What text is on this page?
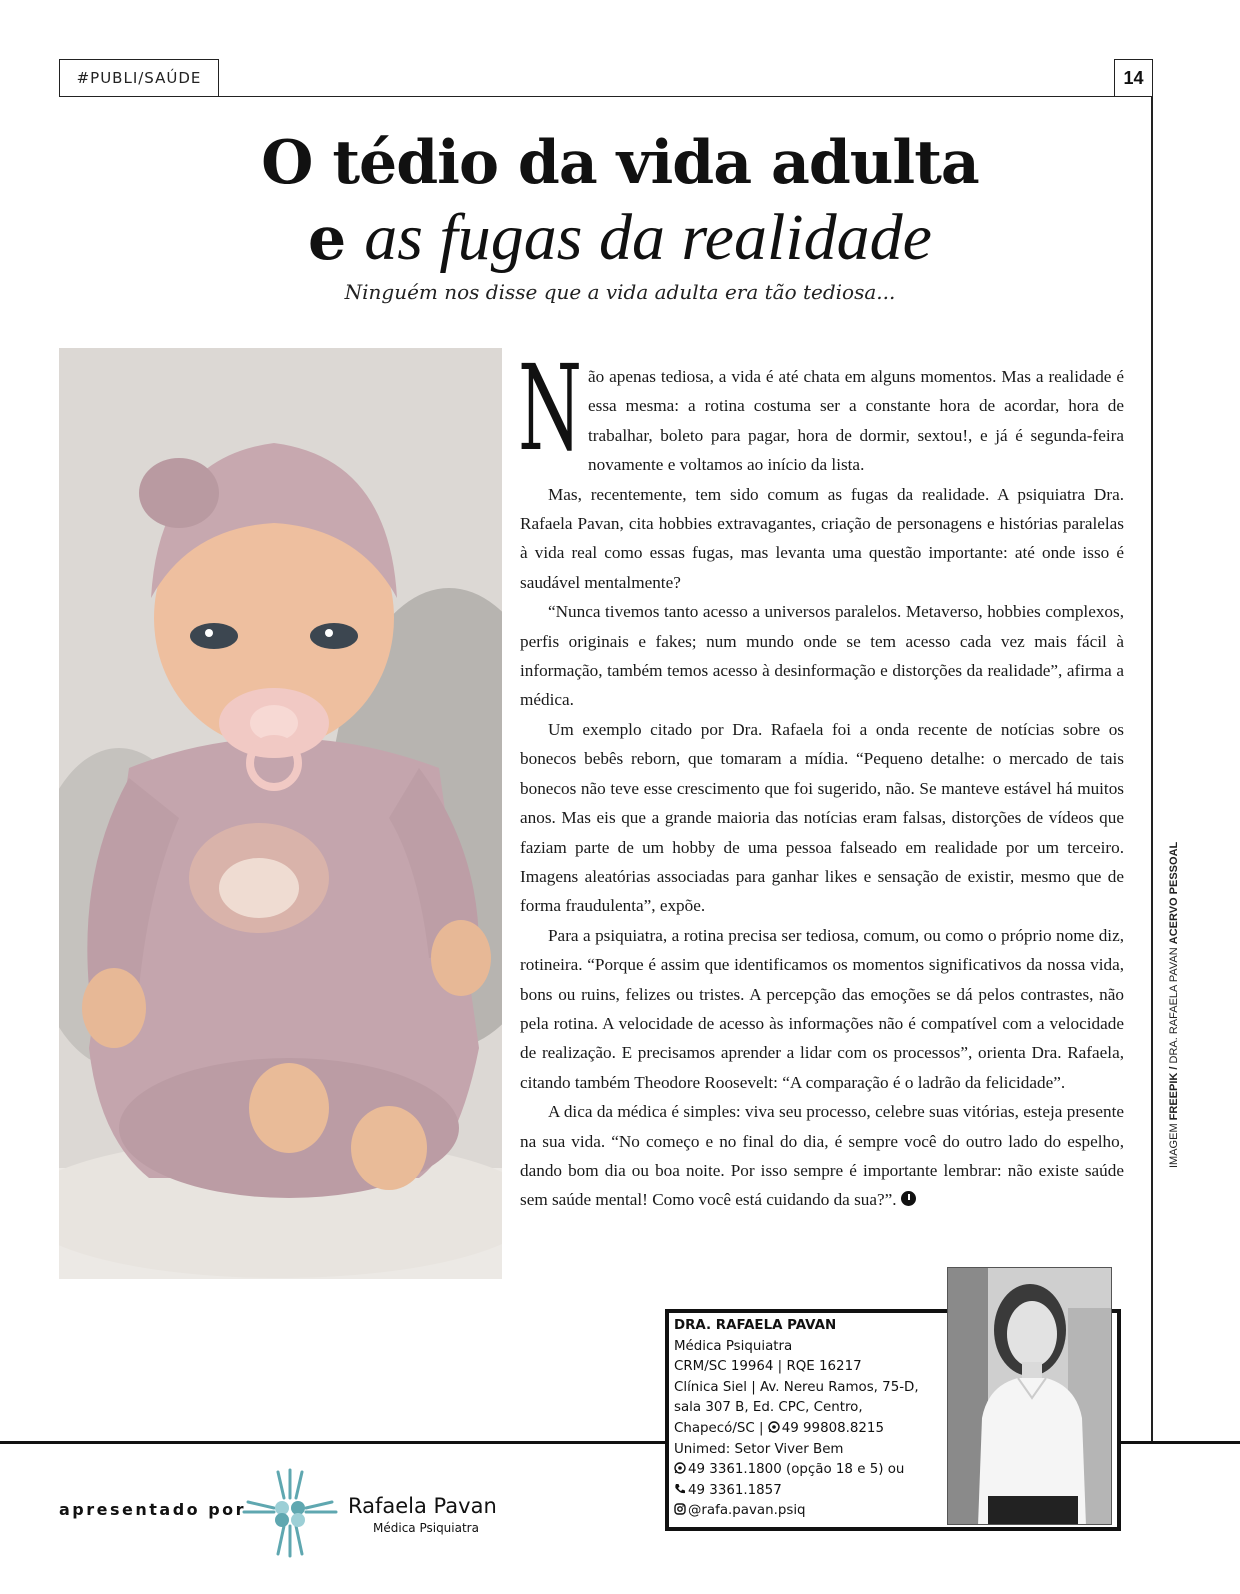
#PUBLI/SAÚDE	14
O tédio da vida adulta
e as fugas da realidade
Ninguém nos disse que a vida adulta era tão tediosa...

Não apenas tediosa, a vida é até chata em alguns momentos. Mas a realidade é essa mesma: a rotina costuma ser a constante hora de acordar, hora de trabalhar, boleto para pagar, hora de dormir, sextou!, e já é segunda-feira novamente e voltamos ao início da lista.

Mas, recentemente, tem sido comum as fugas da realidade. A psiquiatra Dra. Rafaela Pavan, cita hobbies extravagantes, criação de personagens e histórias paralelas à vida real como essas fugas, mas levanta uma questão importante: até onde isso é saudável mentalmente?

“Nunca tivemos tanto acesso a universos paralelos. Metaverso, hobbies complexos, perfis originais e fakes; num mundo onde se tem acesso cada vez mais fácil à informação, também temos acesso à desinformação e distorções da realidade”, afirma a médica.

Um exemplo citado por Dra. Rafaela foi a onda recente de notícias sobre os bonecos bebês reborn, que tomaram a mídia. “Pequeno detalhe: o mercado de tais bonecos não teve esse crescimento que foi sugerido, não. Se manteve estável há muitos anos. Mas eis que a grande maioria das notícias eram falsas, distorções de vídeos que faziam parte de um hobby de uma pessoa falseado em realidade por um terceiro. Imagens aleatórias associadas para ganhar likes e sensação de existir, mesmo que de forma fraudulenta”, expõe.

Para a psiquiatra, a rotina precisa ser tediosa, comum, ou como o próprio nome diz, rotineira. “Porque é assim que identificamos os momentos significativos da nossa vida, bons ou ruins, felizes ou tristes. A percepção das emoções se dá pelos contrastes, não pela rotina. A velocidade de acesso às informações não é compatível com a velocidade de realização. E precisamos aprender a lidar com os processos”, orienta Dra. Rafaela, citando também Theodore Roosevelt: “A comparação é o ladrão da felicidade”.

A dica da médica é simples: viva seu processo, celebre suas vitórias, esteja presente na sua vida. “No começo e no final do dia, é sempre você do outro lado do espelho, dando bom dia ou boa noite. Por isso sempre é importante lembrar: não existe saúde sem saúde mental! Como você está cuidando da sua?”.

IMAGEM FREEPIK / DRA. RAFAELA PAVAN ACERVO PESSOAL
apresentado por	Rafaela Pavan
Médica Psiquiatra
DRA. RAFAELA PAVAN
Médica Psiquiatra
CRM/SC 19964 | RQE 16217
Clínica Siel | Av. Nereu Ramos, 75-D,
sala 307 B, Ed. CPC, Centro,
Chapecó/SC | 49 99808.8215
Unimed: Setor Viver Bem
49 3361.1800 (opção 18 e 5) ou
49 3361.1857
@rafa.pavan.psiq
